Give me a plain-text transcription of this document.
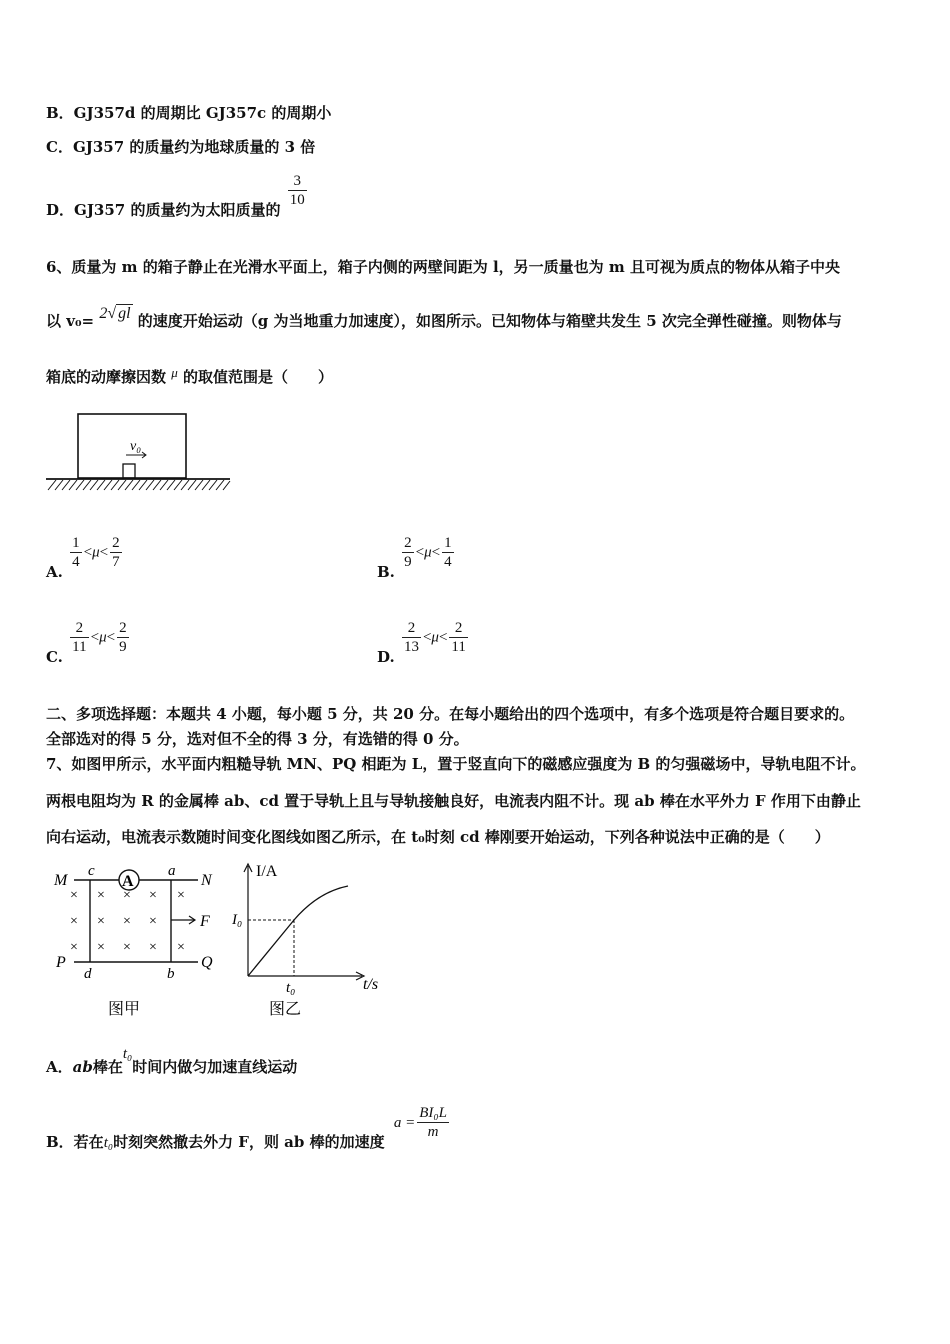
B．GJ357d 的周期比 GJ357c 的周期小
C．GJ357 的质量约为地球质量的 3 倍
D．GJ357 的质量约为太阳质量的
$\frac{3}{10}$
6、质量为 m 的箱子静止在光滑水平面上，箱子内侧的两壁间距为 l，另一质量也为 m 且可视为质点的物体从箱子中央
以 v₀= 2√ gl 的速度开始运动（g 为当地重力加速度），如图所示。已知物体与箱壁共发生 5 次完全弹性碰撞。则物体与
箱底的动摩擦因数 μ 的取值范围是（　　）
v₀
A.
$\frac{1}{4} <\mu< \frac{2}{7}$
B.
$\frac{2}{9} <\mu< \frac{1}{4}$
C.
$\frac{2}{11} <\mu< \frac{2}{9}$
D.
$\frac{2}{13} <\mu< \frac{2}{11}$
二、多项选择题：本题共 4 小题，每小题 5 分，共 20 分。在每小题给出的四个选项中，有多个选项是符合题目要求的。
全部选对的得 5 分，选对但不全的得 3 分，有选错的得 0 分。
7、如图甲所示，水平面内粗糙导轨 MN、PQ 相距为 L，置于竖直向下的磁感应强度为 B 的匀强磁场中，导轨电阻不计。
两根电阻均为 R 的金属棒 ab、cd 置于导轨上且与导轨接触良好，电流表内阻不计。现 ab 棒在水平外力 F 作用下由静止
向右运动，电流表示数随时间变化图线如图乙所示，在 t₀时刻 cd 棒刚要开始运动，下列各种说法中正确的是（　　）
A
M	N
P	Q
c	a
d	b
× × × × ×
× × × ×
× × × × ×
F
图甲
I/A
t/s
I₀
t₀
图乙
A．ab棒在t₀时间内做匀加速直线运动
B．若在t₀时刻突然撤去外力 F，则 ab 棒的加速度 $a = \frac{\text{BI₀L}}{m}$
